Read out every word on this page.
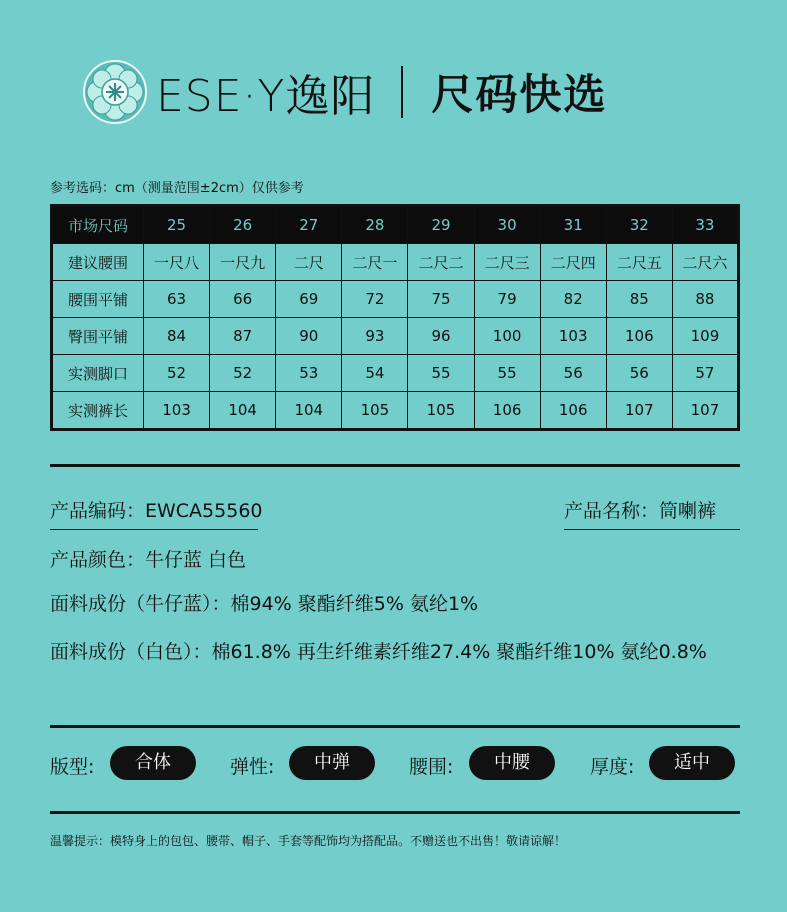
ESE·Y逸阳 尺码快选
参考选码：cm（测量范围±2cm）仅供参考
市场尺码	25	26	27	28	29	30	31	32	33
建议腰围	一尺八	一尺九	二尺	二尺一	二尺二	二尺三	二尺四	二尺五	二尺六
腰围平铺	63	66	69	72	75	79	82	85	88
臀围平铺	84	87	90	93	96	100	103	106	109
实测脚口	52	52	53	54	55	55	56	56	57
实测裤长	103	104	104	105	105	106	106	107	107
产品编码：EWCA55560	产品名称：筒喇裤
产品颜色：牛仔蓝 白色
面料成份（牛仔蓝）：棉94% 聚酯纤维5% 氨纶1%
面料成份（白色）：棉61.8% 再生纤维素纤维27.4% 聚酯纤维10% 氨纶0.8%
版型:	合体	弹性:	中弹	腰围:	中腰	厚度:	适中
温馨提示：模特身上的包包、腰带、帽子、手套等配饰均为搭配品。不赠送也不出售！敬请谅解！
